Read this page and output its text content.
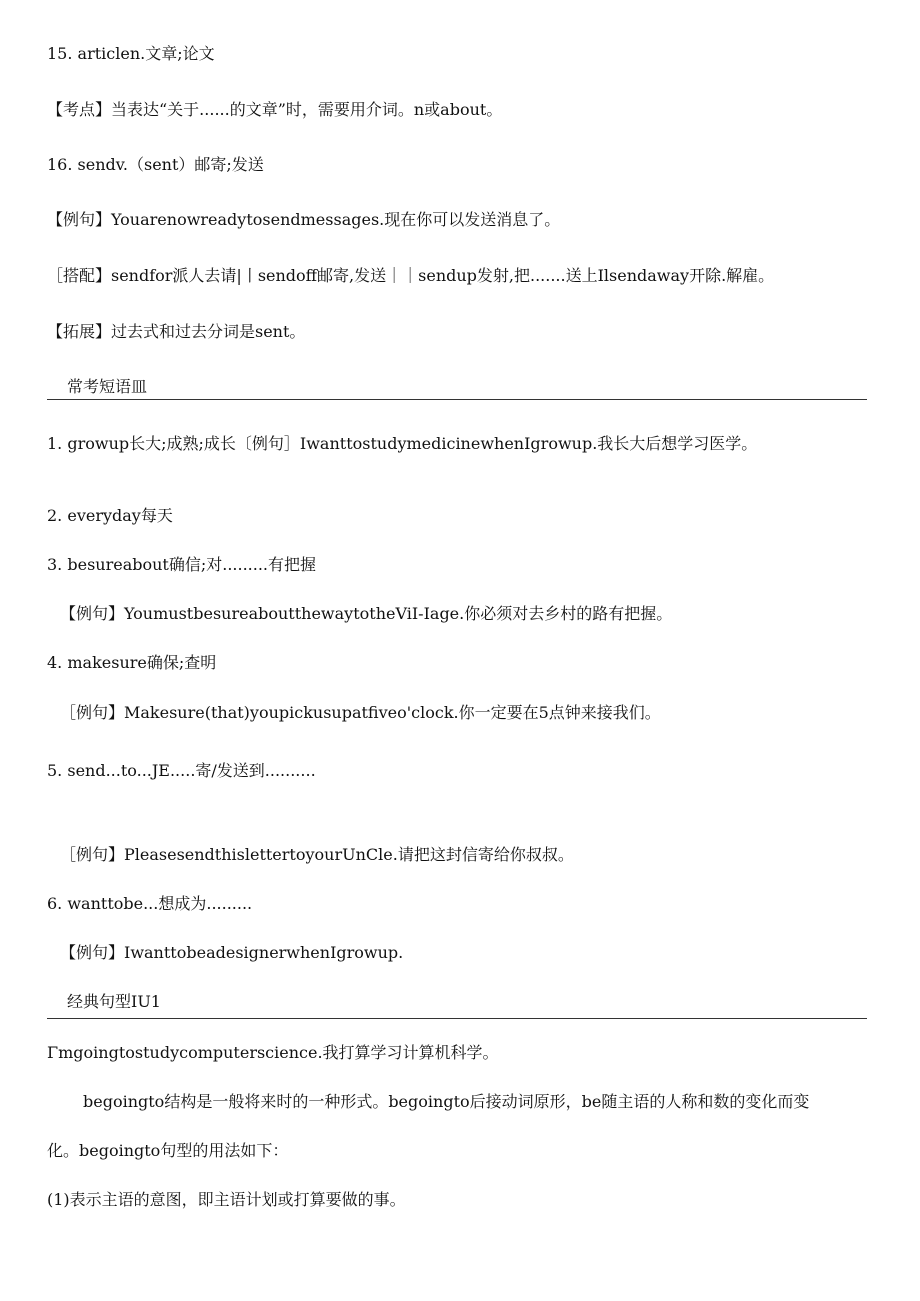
15. articlen.文章;论文
【考点】当表达“关于......的文章”时，需要用介词。n或about。
16. sendv.（sent）邮寄;发送
【例句】Youarenowreadytosendmessages.现在你可以发送消息了。
［搭配】sendfor派人去请|丨sendoff邮寄,发送｜｜sendup发射,把.......送上Ilsendaway开除.解雇。
【拓展】过去式和过去分词是sent。
常考短语皿
1. growup长大;成熟;成长〔例句］IwanttostudymedicinewhenIgrowup.我长大后想学习医学。
2. everyday每天
3. besureabout确信;对.........有把握
【例句】YoumustbesureaboutthewaytotheViI-Iage.你必须对去乡村的路有把握。
4. makesure确保;查明
［例句】Makesure(that)youpickusupatfiveo'clock.你一定要在5点钟来接我们。
5. send...to...JE.....寄/发送到..........
［例句】PleasesendthislettertoyourUnCle.请把这封信寄给你叔叔。
6. wanttobe...想成为.........
【例句】IwanttobeadesignerwhenIgrowup.
经典句型IU1
Γmgoingtostudycomputerscience.我打算学习计算机科学。
begoingto结构是一般将来时的一种形式。begoingto后接动词原形，be随主语的人称和数的变化而变
化。begoingto句型的用法如下：
(1)表示主语的意图，即主语计划或打算要做的事。
